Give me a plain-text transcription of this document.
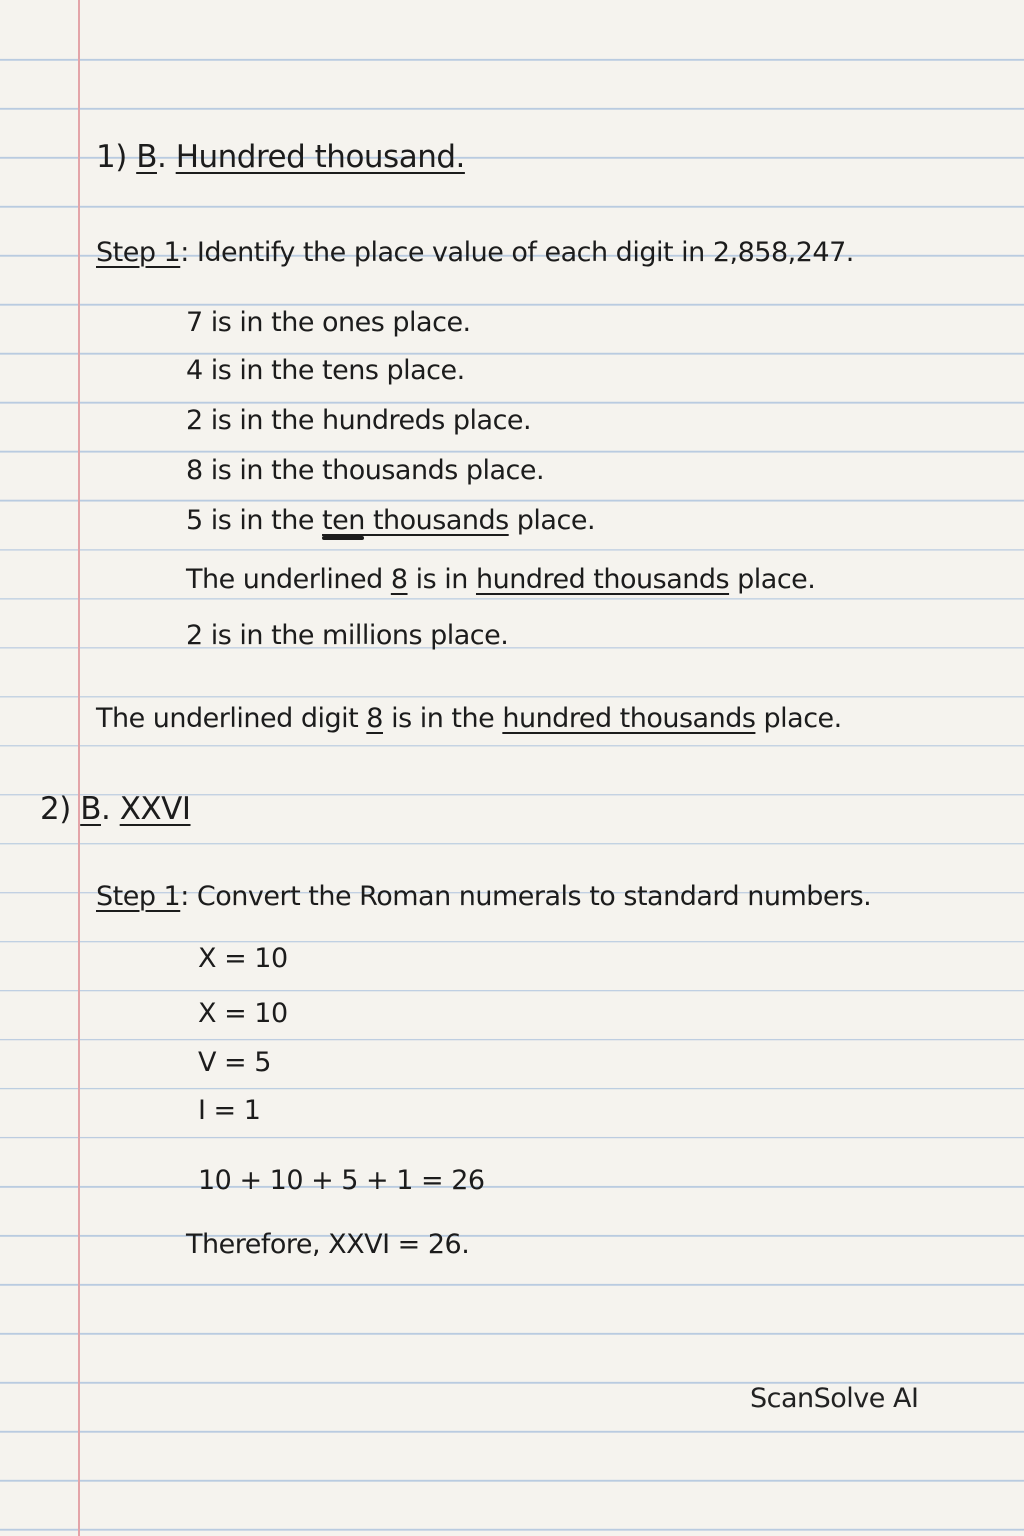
1) B. Hundred thousand.
Step 1: Identify the place value of each digit in 2,858,247.
7 is in the ones place.
4 is in the tens place.
2 is in the hundreds place.
8 is in the thousands place.
5 is in the ten thousands place.
The underlined 8 is in hundred thousands place.
2 is in the millions place.
The underlined digit 8 is in the hundred thousands place.
2) B. XXVI
Step 1: Convert the Roman numerals to standard numbers.
X = 10
X = 10
V = 5
I = 1
10 + 10 + 5 + 1 = 26
Therefore, XXVI = 26.
ScanSolve AI
